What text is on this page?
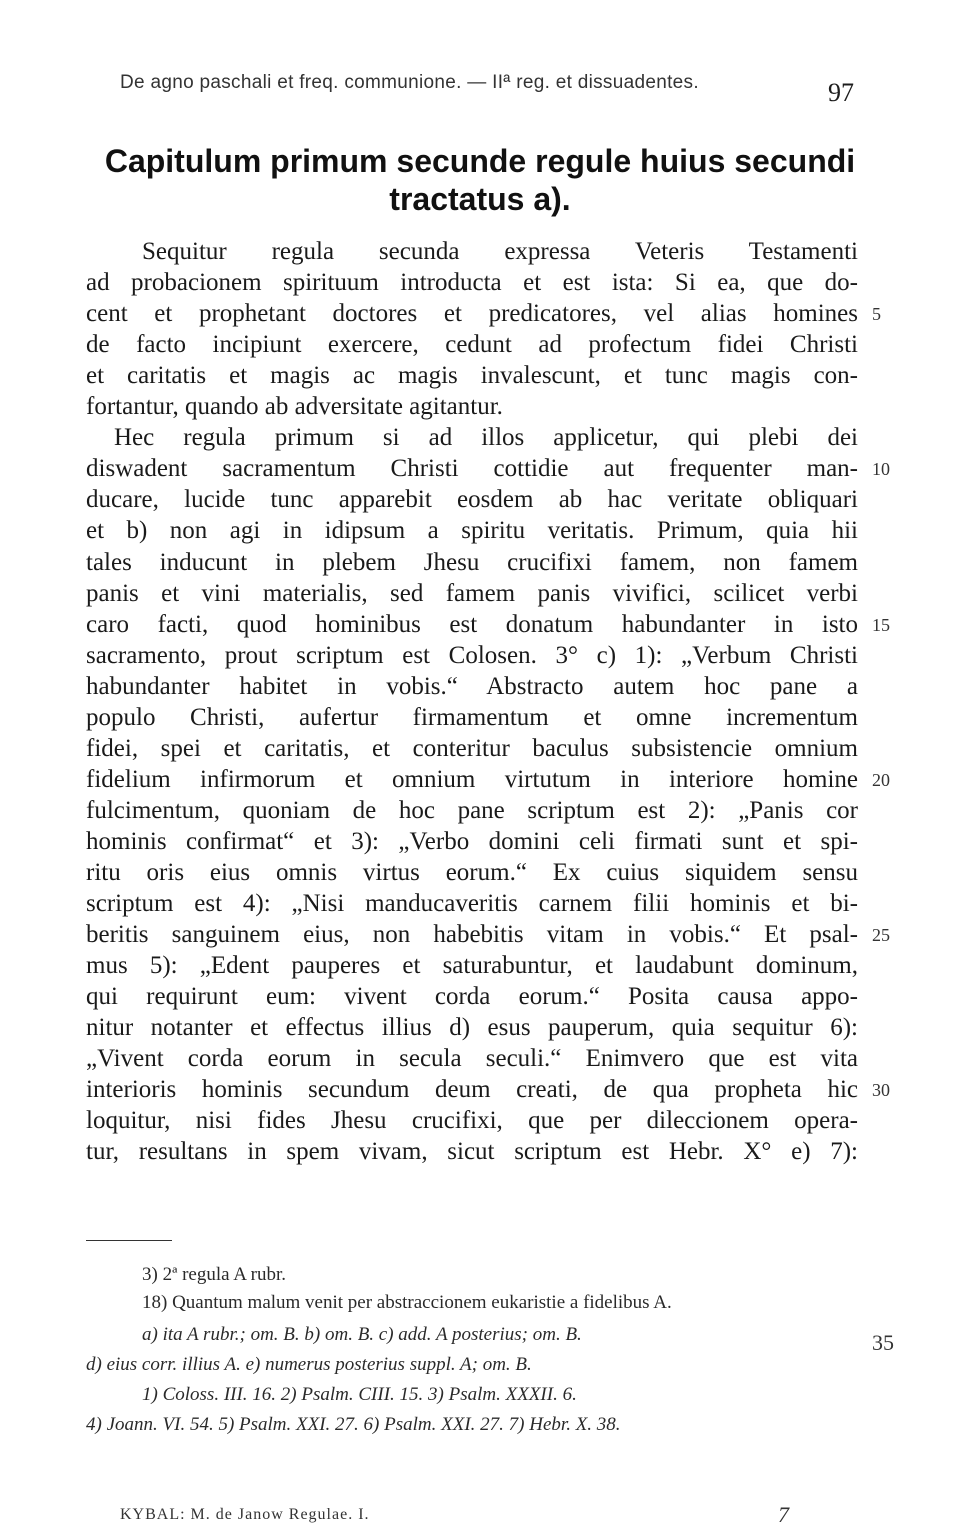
De agno paschali et freq. communione. — IIª reg. et dissuadentes.	97
Capitulum primum secunde regule huius secundi
tractatus a).
Sequitur regula secunda expressa Veteris Testamenti
ad probacionem spirituum introducta et est ista: Si ea, que do-
cent et prophetant doctores et predicatores, vel alias homines
de facto incipiunt exercere, cedunt ad profectum fidei Christi
et caritatis et magis ac magis invalescunt, et tunc magis con-
fortantur, quando ab adversitate agitantur.
Hec regula primum si ad illos applicetur, qui plebi dei
diswadent sacramentum Christi cottidie aut frequenter man-
ducare, lucide tunc apparebit eosdem ab hac veritate obliquari
et b) non agi in idipsum a spiritu veritatis. Primum, quia hii
tales inducunt in plebem Jhesu crucifixi famem, non famem
panis et vini materialis, sed famem panis vivifici, scilicet verbi
caro facti, quod hominibus est donatum habundanter in isto
sacramento, prout scriptum est Colosen. 3° c) 1): „Verbum Christi
habundanter habitet in vobis.“ Abstracto autem hoc pane a
populo Christi, aufertur firmamentum et omne incrementum
fidei, spei et caritatis, et conteritur baculus subsistencie omnium
fidelium infirmorum et omnium virtutum in interiore homine
fulcimentum, quoniam de hoc pane scriptum est 2): „Panis cor
hominis confirmat“ et 3): „Verbo domini celi firmati sunt et spi-
ritu oris eius omnis virtus eorum.“ Ex cuius siquidem sensu
scriptum est 4): „Nisi manducaveritis carnem filii hominis et bi-
beritis sanguinem eius, non habebitis vitam in vobis.“ Et psal-
mus 5): „Edent pauperes et saturabuntur, et laudabunt dominum,
qui requirunt eum: vivent corda eorum.“ Posita causa appo-
nitur notanter et effectus illius d) esus pauperum, quia sequitur 6):
„Vivent corda eorum in secula seculi.“ Enimvero que est vita
interioris hominis secundum deum creati, de qua propheta hic
loquitur, nisi fides Jhesu crucifixi, que per dileccionem opera-
tur, resultans in spem vivam, sicut scriptum est Hebr. X° e) 7):
5
10
15
20
25
30
3) 2ª regula A rubr.
18) Quantum malum venit per abstraccionem eukaristie a fidelibus A.
a) ita A rubr.; om. B. b) om. B. c) add. A posterius; om. B.	35
d) eius corr. illius A. e) numerus posterius suppl. A; om. B.
1) Coloss. III. 16. 2) Psalm. CIII. 15. 3) Psalm. XXXII. 6.
4) Joann. VI. 54. 5) Psalm. XXI. 27. 6) Psalm. XXI. 27. 7) Hebr. X. 38.
KYBAL: M. de Janow Regulae. I.	7
